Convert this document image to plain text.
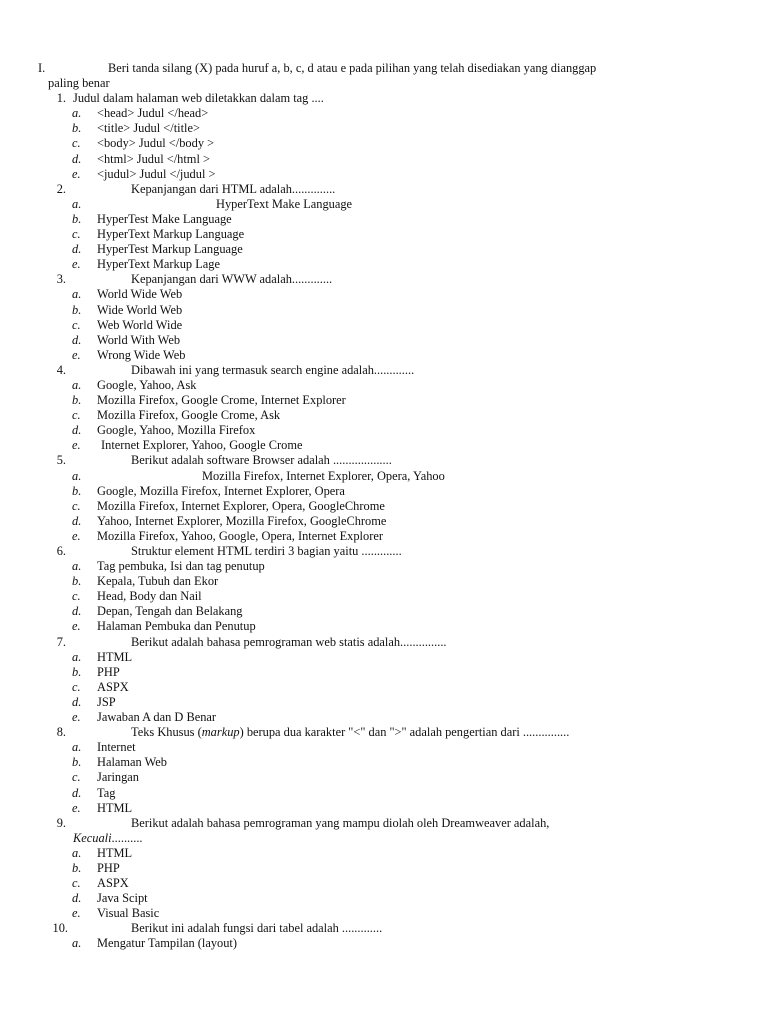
I.	Beri tanda silang (X) pada huruf a, b, c, d atau e pada pilihan yang telah disediakan yang dianggap
paling benar
1. Judul dalam halaman web diletakkan dalam tag ....
a. <head> Judul </head>
b. <title> Judul </title>
c. <body> Judul </body >
d. <html> Judul </html >
e. <judul> Judul </judul >
2.	Kepanjangan dari HTML adalah..............
a.	HyperText Make Language
b. HyperTest Make Language
c. HyperText Markup Language
d. HyperTest Markup Language
e. HyperText Markup Lage
3.	Kepanjangan dari WWW adalah.............
a. World Wide Web
b. Wide World Web
c. Web World Wide
d. World With Web
e. Wrong Wide Web
4.	Dibawah ini yang termasuk search engine adalah.............
a. Google, Yahoo, Ask
b. Mozilla Firefox, Google Crome, Internet Explorer
c. Mozilla Firefox, Google Crome, Ask
d. Google, Yahoo, Mozilla Firefox
e. Internet Explorer, Yahoo, Google Crome
5.	Berikut adalah software Browser adalah ...................
a.	Mozilla Firefox, Internet Explorer, Opera, Yahoo
b. Google, Mozilla Firefox, Internet Explorer, Opera
c. Mozilla Firefox, Internet Explorer, Opera, GoogleChrome
d. Yahoo, Internet Explorer, Mozilla Firefox, GoogleChrome
e. Mozilla Firefox, Yahoo, Google, Opera, Internet Explorer
6.	Struktur element HTML terdiri 3 bagian yaitu .............
a. Tag pembuka, Isi dan tag penutup
b. Kepala, Tubuh dan Ekor
c. Head, Body dan Nail
d. Depan, Tengah dan Belakang
e. Halaman Pembuka dan Penutup
7.	Berikut adalah bahasa pemrograman web statis adalah...............
a. HTML
b. PHP
c. ASPX
d. JSP
e. Jawaban A dan D Benar
8.	Teks Khusus (markup) berupa dua karakter "<" dan ">" adalah pengertian dari ...............
a. Internet
b. Halaman Web
c. Jaringan
d. Tag
e. HTML
9.	Berikut adalah bahasa pemrograman yang mampu diolah oleh Dreamweaver adalah,
Kecuali..........
a. HTML
b. PHP
c. ASPX
d. Java Scipt
e. Visual Basic
10.	Berikut ini adalah fungsi dari tabel adalah .............
a. Mengatur Tampilan (layout)
